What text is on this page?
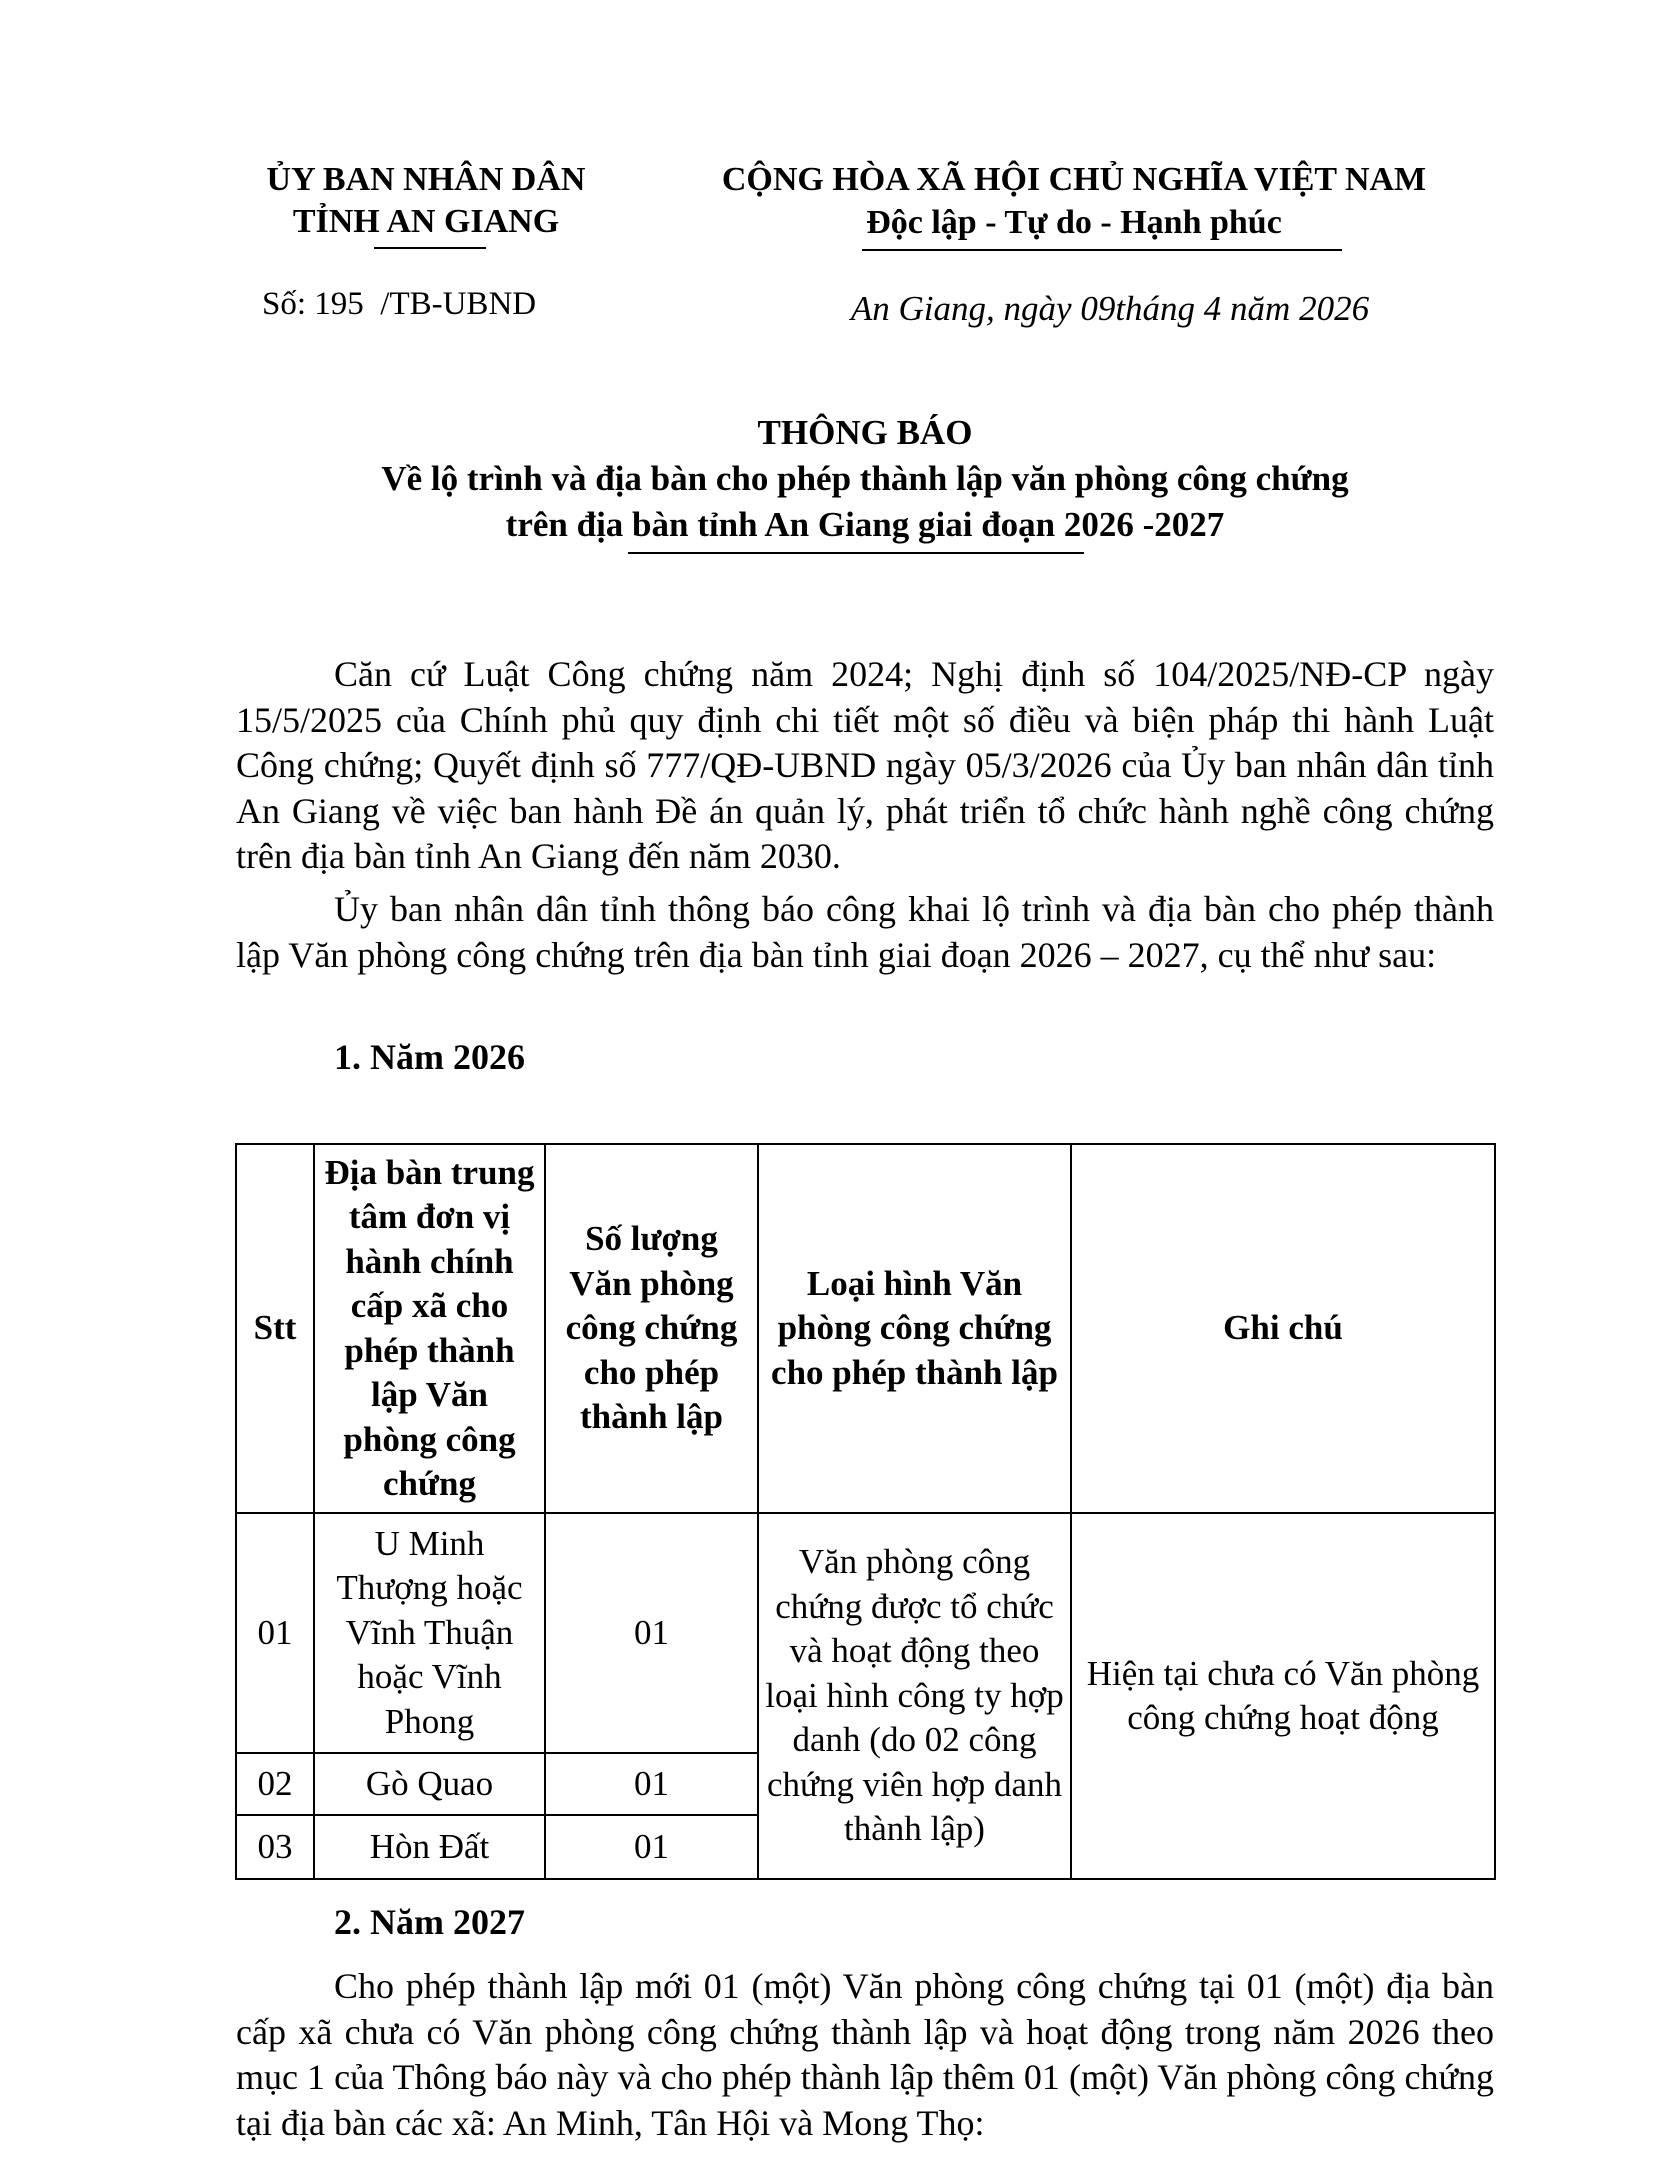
ỦY BAN NHÂN DÂN
TỈNH AN GIANG
Số: 195  /TB-UBND
CỘNG HÒA XÃ HỘI CHỦ NGHĨA VIỆT NAM
Độc lập - Tự do - Hạnh phúc
An Giang, ngày 09tháng 4 năm 2026
THÔNG BÁO
Về lộ trình và địa bàn cho phép thành lập văn phòng công chứng
trên địa bàn tỉnh An Giang giai đoạn 2026 -2027
Căn cứ Luật Công chứng năm 2024; Nghị định số 104/2025/NĐ-CP ngày 15/5/2025 của Chính phủ quy định chi tiết một số điều và biện pháp thi hành Luật Công chứng; Quyết định số 777/QĐ-UBND ngày 05/3/2026 của Ủy ban nhân dân tỉnh An Giang về việc ban hành Đề án quản lý, phát triển tổ chức hành nghề công chứng trên địa bàn tỉnh An Giang đến năm 2030.
Ủy ban nhân dân tỉnh thông báo công khai lộ trình và địa bàn cho phép thành lập Văn phòng công chứng trên địa bàn tỉnh giai đoạn 2026 – 2027, cụ thể như sau:
1. Năm 2026
Stt	Địa bàn trung tâm đơn vị hành chính cấp xã cho phép thành lập Văn phòng công chứng	Số lượng Văn phòng công chứng cho phép thành lập	Loại hình Văn phòng công chứng cho phép thành lập	Ghi chú
01	U Minh Thượng hoặc Vĩnh Thuận hoặc Vĩnh Phong	01	Văn phòng công chứng được tổ chức và hoạt động theo loại hình công ty hợp danh (do 02 công chứng viên hợp danh thành lập)	Hiện tại chưa có Văn phòng công chứng hoạt động
02	Gò Quao	01		
03	Hòn Đất	01		
2. Năm 2027
Cho phép thành lập mới 01 (một) Văn phòng công chứng tại 01 (một) địa bàn cấp xã chưa có Văn phòng công chứng thành lập và hoạt động trong năm 2026 theo mục 1 của Thông báo này và cho phép thành lập thêm 01 (một) Văn phòng công chứng tại địa bàn các xã: An Minh, Tân Hội và Mong Thọ:
